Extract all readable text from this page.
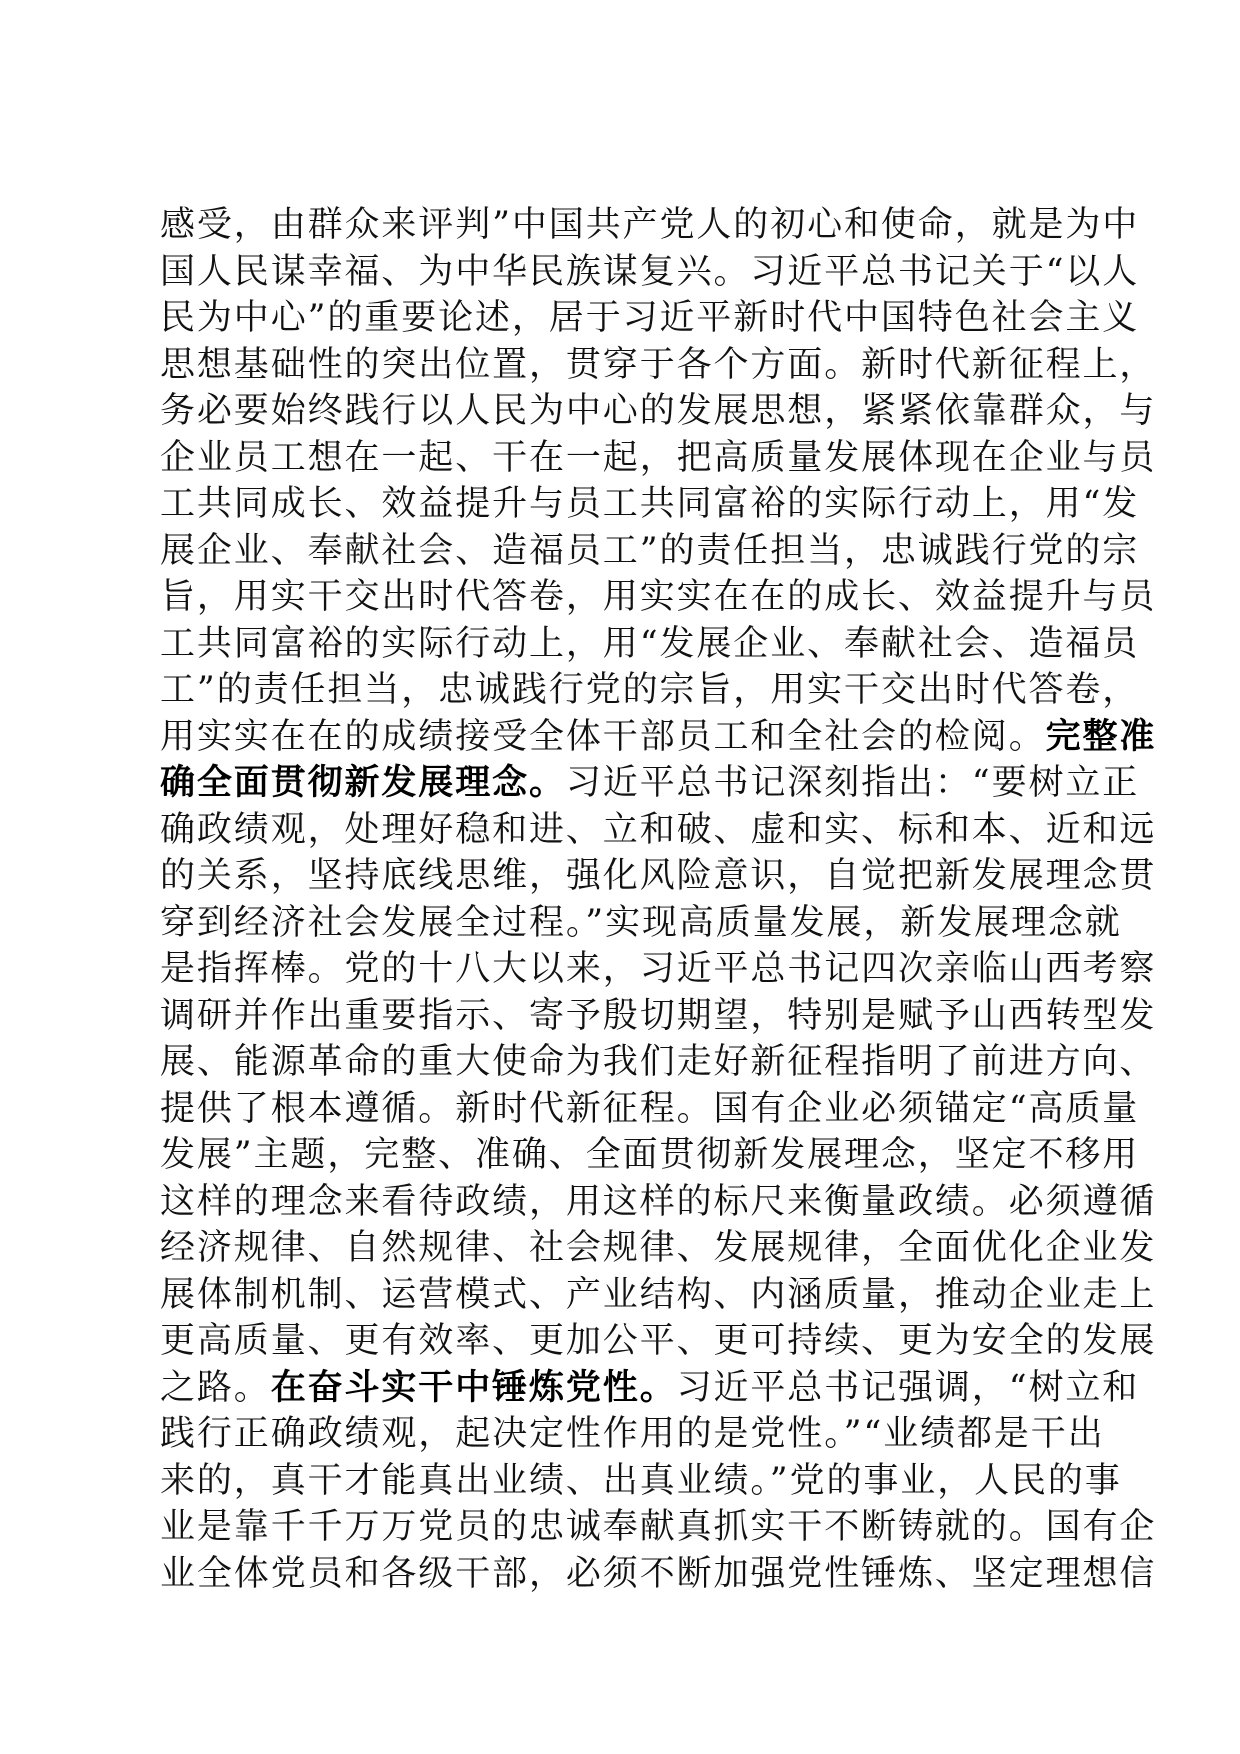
感受，由群众来评判”中国共产党人的初心和使命，就是为中
国人民谋幸福、为中华民族谋复兴。习近平总书记关于“以人
民为中心”的重要论述，居于习近平新时代中国特色社会主义
思想基础性的突出位置，贯穿于各个方面。新时代新征程上，
务必要始终践行以人民为中心的发展思想，紧紧依靠群众，与
企业员工想在一起、干在一起，把高质量发展体现在企业与员
工共同成长、效益提升与员工共同富裕的实际行动上，用“发
展企业、奉献社会、造福员工”的责任担当，忠诚践行党的宗
旨，用实干交出时代答卷，用实实在在的成长、效益提升与员
工共同富裕的实际行动上，用“发展企业、奉献社会、造福员
工”的责任担当，忠诚践行党的宗旨，用实干交出时代答卷，
用实实在在的成绩接受全体干部员工和全社会的检阅。完整准
确全面贯彻新发展理念。习近平总书记深刻指出：“要树立正
确政绩观，处理好稳和进、立和破、虚和实、标和本、近和远
的关系，坚持底线思维，强化风险意识，自觉把新发展理念贯
穿到经济社会发展全过程。”实现高质量发展，新发展理念就
是指挥棒。党的十八大以来，习近平总书记四次亲临山西考察
调研并作出重要指示、寄予殷切期望，特别是赋予山西转型发
展、能源革命的重大使命为我们走好新征程指明了前进方向、
提供了根本遵循。新时代新征程。国有企业必须锚定“高质量
发展”主题，完整、准确、全面贯彻新发展理念，坚定不移用
这样的理念来看待政绩，用这样的标尺来衡量政绩。必须遵循
经济规律、自然规律、社会规律、发展规律，全面优化企业发
展体制机制、运营模式、产业结构、内涵质量，推动企业走上
更高质量、更有效率、更加公平、更可持续、更为安全的发展
之路。在奋斗实干中锤炼党性。习近平总书记强调，“树立和
践行正确政绩观，起决定性作用的是党性。”“业绩都是干出
来的，真干才能真出业绩、出真业绩。”党的事业，人民的事
业是靠千千万万党员的忠诚奉献真抓实干不断铸就的。国有企
业全体党员和各级干部，必须不断加强党性锤炼、坚定理想信
